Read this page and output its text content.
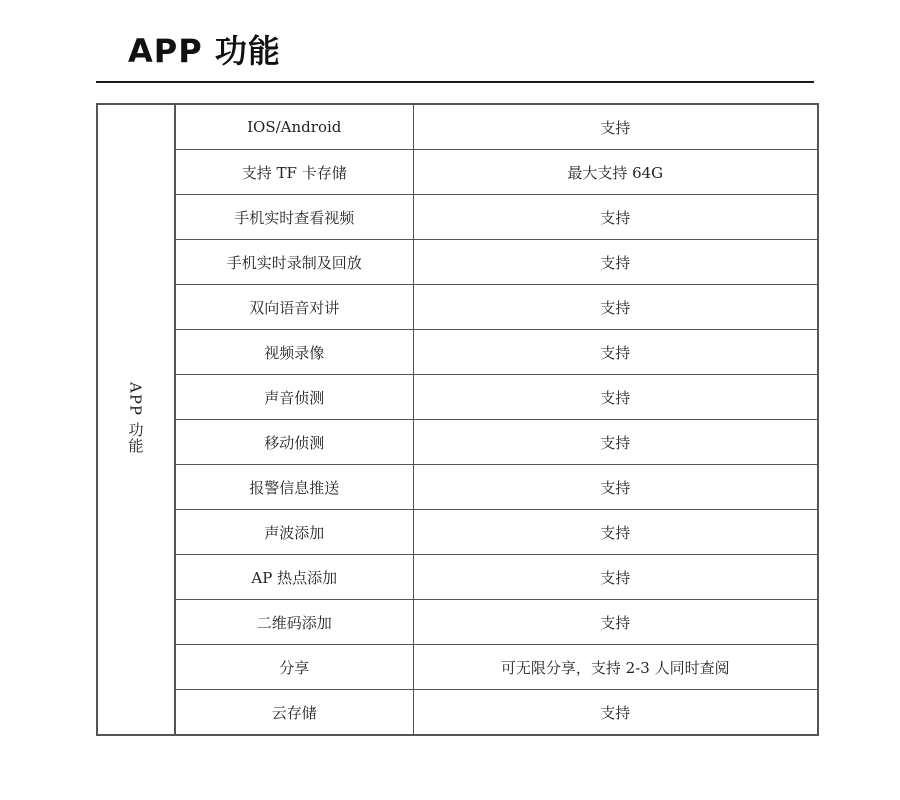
APP 功能
APP 功能	IOS/Android	支持
	支持 TF 卡存储	最大支持 64G
	手机实时查看视频	支持
	手机实时录制及回放	支持
	双向语音对讲	支持
	视频录像	支持
	声音侦测	支持
	移动侦测	支持
	报警信息推送	支持
	声波添加	支持
	AP 热点添加	支持
	二维码添加	支持
	分享	可无限分享，支持 2-3 人同时查阅
	云存储	支持
